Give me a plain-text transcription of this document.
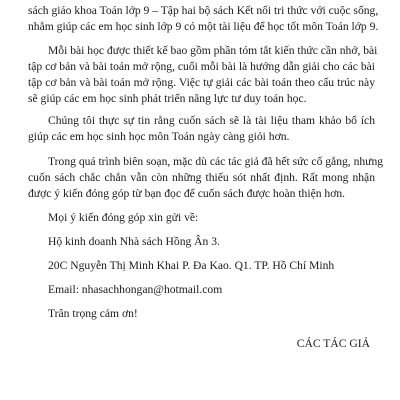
sách giáo khoa Toán lớp 9 – Tập hai bộ sách Kết nối tri thức với cuộc sống,
nhằm giúp các em học sinh lớp 9 có một tài liệu để học tốt môn Toán lớp 9.
Mỗi bài học được thiết kế bao gồm phần tóm tắt kiến thức cần nhớ, bài
tập cơ bản và bài toán mở rộng, cuối mỗi bài là hướng dẫn giải cho các bài
tập cơ bản và bài toán mở rộng. Việc tự giải các bài toán theo cấu trúc này
sẽ giúp các em học sinh phát triển năng lực tư duy toán học.
Chúng tôi thực sự tin rằng cuốn sách sẽ là tài liệu tham khảo bổ ích
giúp các em học sinh học môn Toán ngày càng giỏi hơn.
Trong quá trình biên soạn, mặc dù các tác giả đã hết sức cố gắng, nhưng
cuốn sách chắc chắn vẫn còn những thiếu sót nhất định. Rất mong nhận
được ý kiến đóng góp từ bạn đọc để cuốn sách được hoàn thiện hơn.
Mọi ý kiến đóng góp xin gửi về:
Hộ kinh doanh Nhà sách Hồng Ân 3.
20C Nguyễn Thị Minh Khai P. Đa Kao. Q1. TP. Hồ Chí Minh
Email: nhasachhongan@hotmail.com
Trân trọng cảm ơn!
CÁC TÁC GIẢ
